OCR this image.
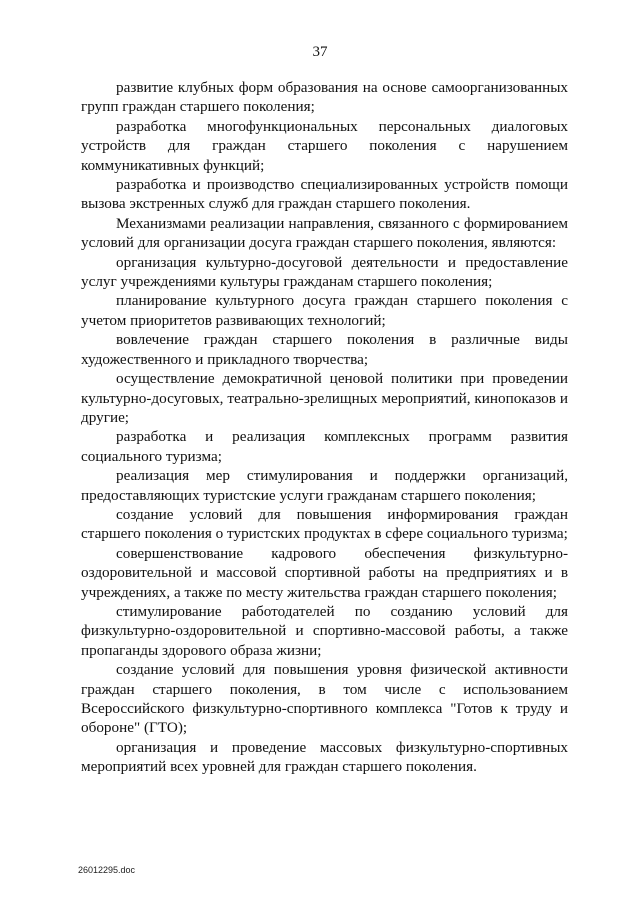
37

развитие клубных форм образования на основе самоорганизованных групп граждан старшего поколения;

разработка многофункциональных персональных диалоговых устройств для граждан старшего поколения с нарушением коммуникативных функций;

разработка и производство специализированных устройств помощи вызова экстренных служб для граждан старшего поколения.

Механизмами реализации направления, связанного с формированием условий для организации досуга граждан старшего поколения, являются:

организация культурно-досуговой деятельности и предоставление услуг учреждениями культуры гражданам старшего поколения;

планирование культурного досуга граждан старшего поколения с учетом приоритетов развивающих технологий;

вовлечение граждан старшего поколения в различные виды художественного и прикладного творчества;

осуществление демократичной ценовой политики при проведении культурно-досуговых, театрально-зрелищных мероприятий, кинопоказов и другие;

разработка и реализация комплексных программ развития социального туризма;

реализация мер стимулирования и поддержки организаций, предоставляющих туристские услуги гражданам старшего поколения;

создание условий для повышения информирования граждан старшего поколения о туристских продуктах в сфере социального туризма;

совершенствование кадрового обеспечения физкультурно-оздоровительной и массовой спортивной работы на предприятиях и в учреждениях, а также по месту жительства граждан старшего поколения;

стимулирование работодателей по созданию условий для физкультурно-оздоровительной и спортивно-массовой работы, а также пропаганды здорового образа жизни;

создание условий для повышения уровня физической активности граждан старшего поколения, в том числе с использованием Всероссийского физкультурно-спортивного комплекса "Готов к труду и обороне" (ГТО);

организация и проведение массовых физкультурно-спортивных мероприятий всех уровней для граждан старшего поколения.

26012295.doc
